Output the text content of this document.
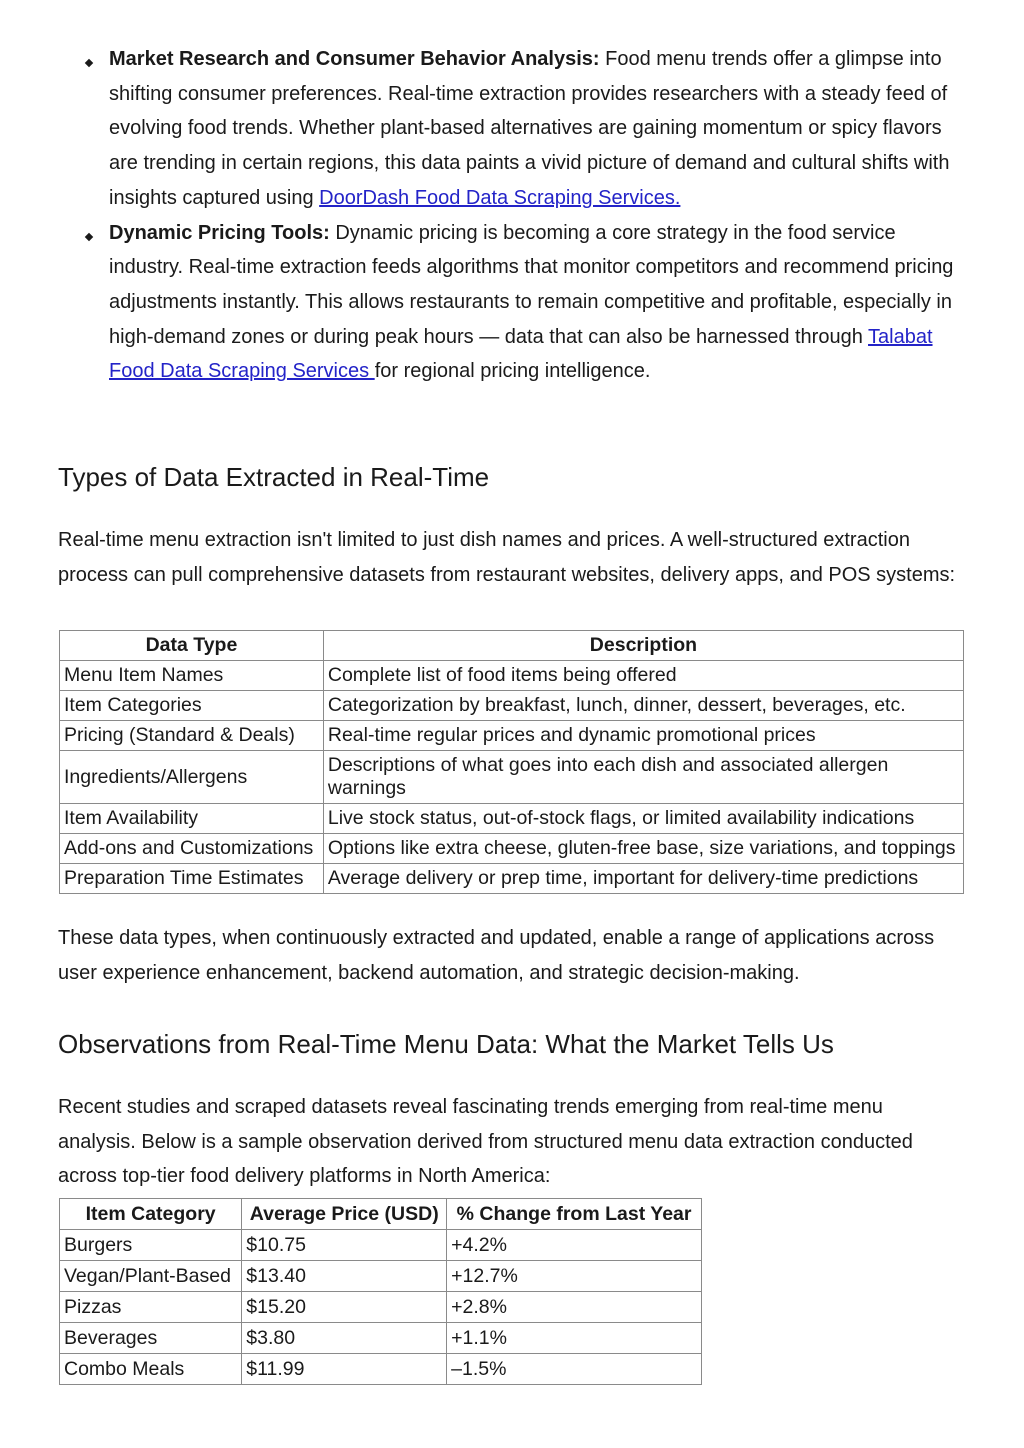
Market Research and Consumer Behavior Analysis: Food menu trends offer a glimpse into shifting consumer preferences. Real-time extraction provides researchers with a steady feed of evolving food trends. Whether plant-based alternatives are gaining momentum or spicy flavors are trending in certain regions, this data paints a vivid picture of demand and cultural shifts with insights captured using DoorDash Food Data Scraping Services.
Dynamic Pricing Tools: Dynamic pricing is becoming a core strategy in the food service industry. Real-time extraction feeds algorithms that monitor competitors and recommend pricing adjustments instantly. This allows restaurants to remain competitive and profitable, especially in high-demand zones or during peak hours — data that can also be harnessed through Talabat Food Data Scraping Services for regional pricing intelligence.
Types of Data Extracted in Real-Time

Real-time menu extraction isn't limited to just dish names and prices. A well-structured extraction process can pull comprehensive datasets from restaurant websites, delivery apps, and POS systems:

Data Type	Description
Menu Item Names	Complete list of food items being offered
Item Categories	Categorization by breakfast, lunch, dinner, dessert, beverages, etc.
Pricing (Standard & Deals)	Real-time regular prices and dynamic promotional prices
Ingredients/Allergens	Descriptions of what goes into each dish and associated allergen warnings
Item Availability	Live stock status, out-of-stock flags, or limited availability indications
Add-ons and Customizations	Options like extra cheese, gluten-free base, size variations, and toppings
Preparation Time Estimates	Average delivery or prep time, important for delivery-time predictions

These data types, when continuously extracted and updated, enable a range of applications across user experience enhancement, backend automation, and strategic decision-making.

Observations from Real-Time Menu Data: What the Market Tells Us

Recent studies and scraped datasets reveal fascinating trends emerging from real-time menu analysis. Below is a sample observation derived from structured menu data extraction conducted across top-tier food delivery platforms in North America:

Item Category	Average Price (USD)	% Change from Last Year
Burgers	$10.75	+4.2%
Vegan/Plant-Based	$13.40	+12.7%
Pizzas	$15.20	+2.8%
Beverages	$3.80	+1.1%
Combo Meals	$11.99	–1.5%
